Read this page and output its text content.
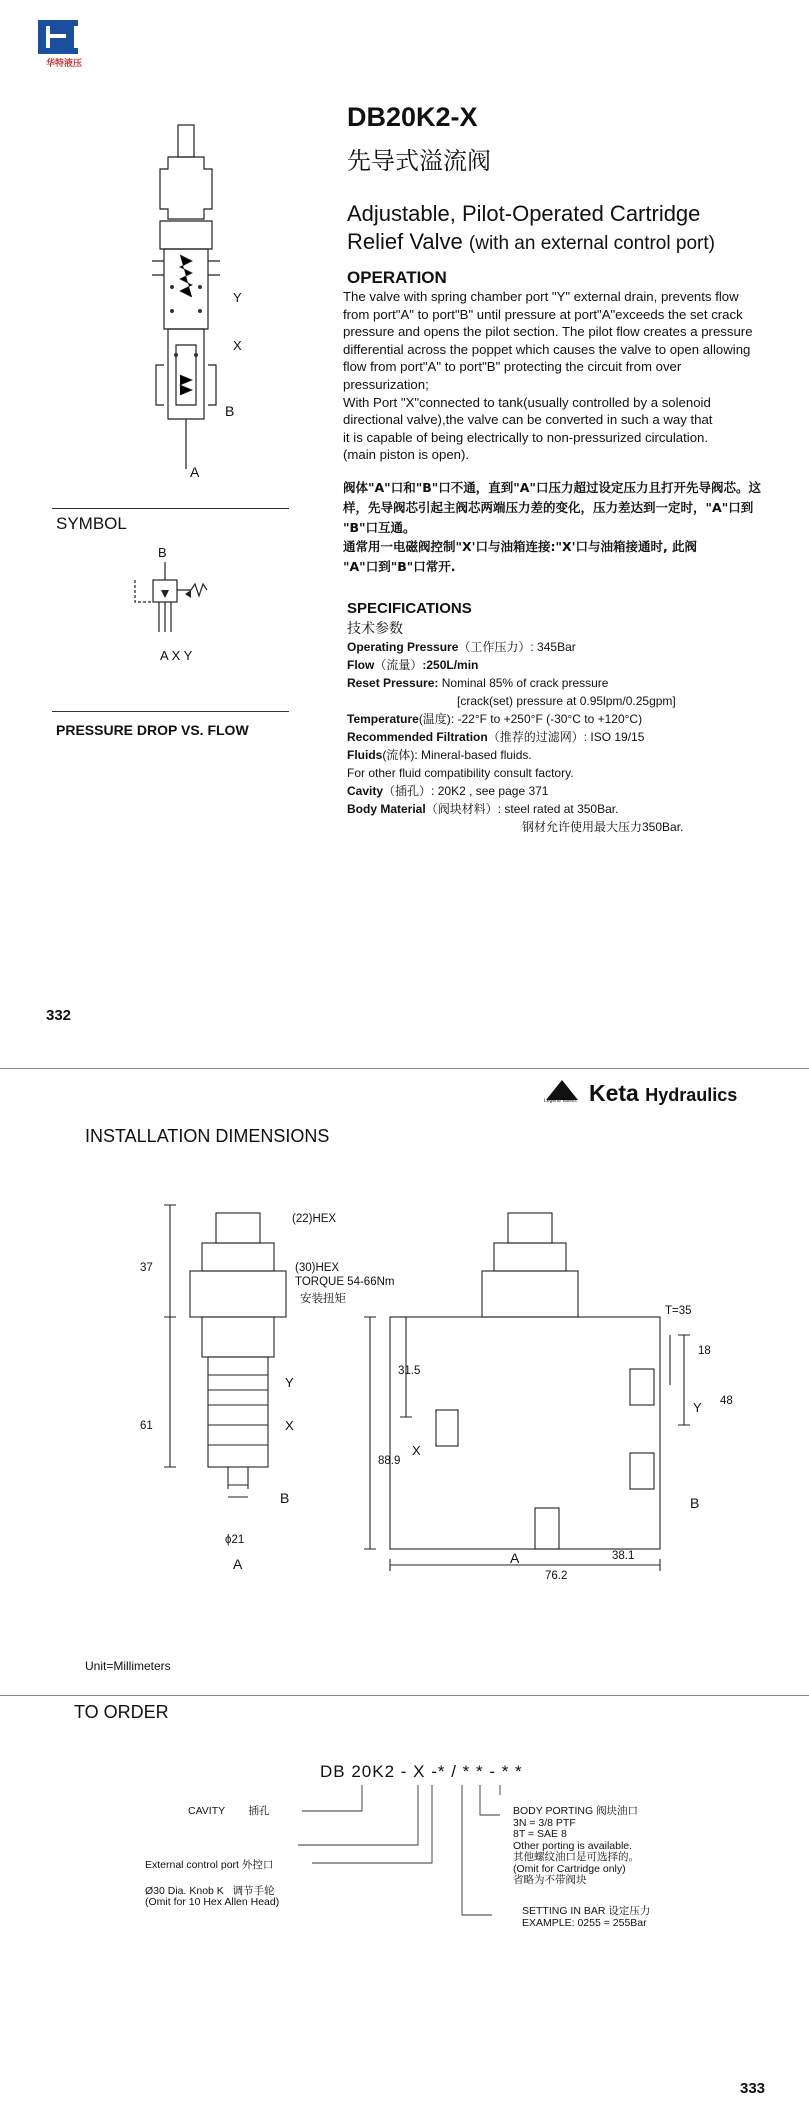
华特液压
DB20K2-X
先导式溢流阀
Adjustable, Pilot-Operated Cartridge
Relief Valve (with an external control port)
OPERATION
The valve with spring chamber port "Y" external drain, prevents flow
from port"A" to port"B" until pressure at port"A"exceeds the set crack
pressure and opens the pilot section. The pilot flow creates a pressure
differential across the poppet which causes the valve to open allowing
flow from port"A" to port"B" protecting the circuit from over
pressurization;
With Port "X"connected to tank(usually controlled by a solenoid
directional valve),the valve can be converted in such a way that
it is capable of being electrically to non-pressurized circulation.
(main piston is open).
阀体"A"口和"B"口不通，直到"A"口压力超过设定压力且打开先导阀芯。这
样，先导阀芯引起主阀芯两端压力差的变化，压力差达到一定时，"A"口到
"B"口互通。
通常用一电磁阀控制"X'口与油箱连接:"X'口与油箱接通时, 此阀
"A"口到"B"口常开.
Y
X
B
A
SYMBOL
B
A X Y
PRESSURE DROP VS. FLOW
SPECIFICATIONS
技术参数
Operating Pressure（工作压力）: 345Bar
Flow（流量）:250L/min
Reset Pressure: Nominal 85% of crack pressure
[crack(set) pressure at 0.95lpm/0.25gpm]
Temperature(温度): -22°F to +250°F (-30°C to +120°C)
Recommended Filtration（推荐的过滤网）: ISO 19/15
Fluids(流体): Mineral-based fluids.
For other fluid compatibility consult factory.
Cavity（插孔）: 20K2 , see page 371
Body Material（阀块材料）: steel rated at 350Bar.
钢材允许使用最大压力350Bar.
332
Legend Valves Keta Hydraulics
INSTALLATION DIMENSIONS
(22)HEX
(30)HEX
TORQUE 54-66Nm
安装扭矩
37
61
ϕ21
Y
X
B
A
T=35
18
48
31.5
88.9
Y
X
B
A	38.1
76.2
Unit=Millimeters
TO ORDER
DB 20K2 - X -* / * * - * *
CAVITY 插孔
External control port 外控口
Ø30 Dia. Knob K 调节手轮
(Omit for 10 Hex Allen Head)
BODY PORTING 阀块油口
3N = 3/8 PTF
8T = SAE 8
Other porting is available.
其他螺纹油口是可选择的。
(Omit for Cartridge only)
省略为不带阀块
SETTING IN BAR 设定压力
EXAMPLE: 0255 = 255Bar
333
